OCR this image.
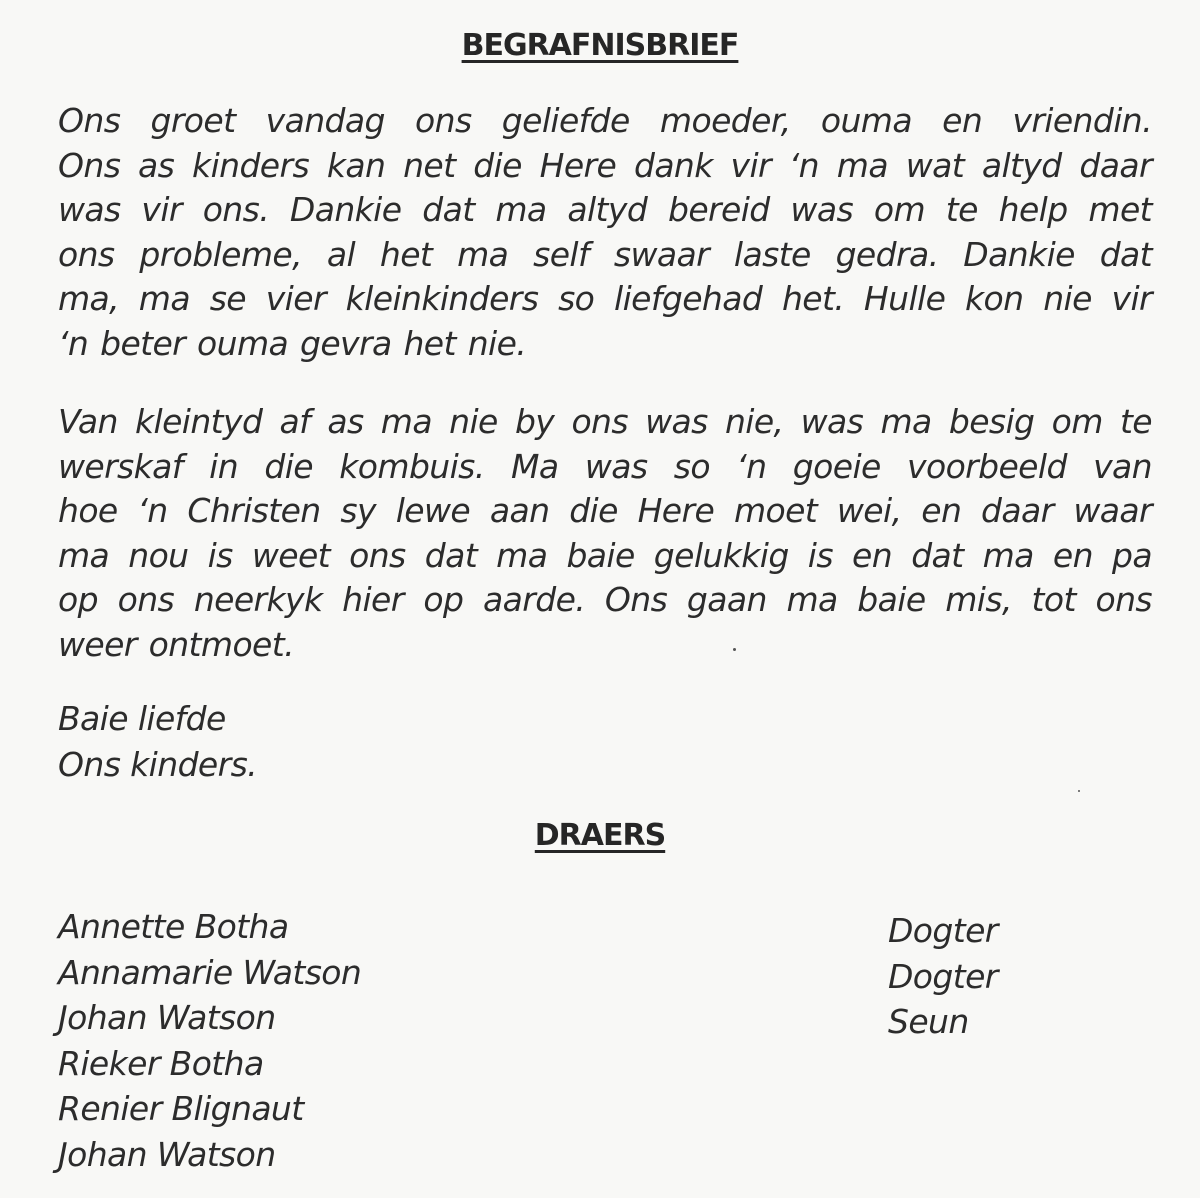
BEGRAFNISBRIEF
Ons groet vandag ons geliefde moeder, ouma en vriendin.
Ons as kinders kan net die Here dank vir ‘n ma wat altyd daar
was vir ons. Dankie dat ma altyd bereid was om te help met
ons probleme, al het ma self swaar laste gedra. Dankie dat
ma, ma se vier kleinkinders so liefgehad het. Hulle kon nie vir
‘n beter ouma gevra het nie.
Van kleintyd af as ma nie by ons was nie, was ma besig om te
werskaf in die kombuis. Ma was so ‘n goeie voorbeeld van
hoe ‘n Christen sy lewe aan die Here moet wei, en daar waar
ma nou is weet ons dat ma baie gelukkig is en dat ma en pa
op ons neerkyk hier op aarde. Ons gaan ma baie mis, tot ons
weer ontmoet.
Baie liefde
Ons kinders.
DRAERS
Annette Botha
Annamarie Watson
Johan Watson
Rieker Botha
Renier Blignaut
Johan Watson
Dogter
Dogter
Seun
